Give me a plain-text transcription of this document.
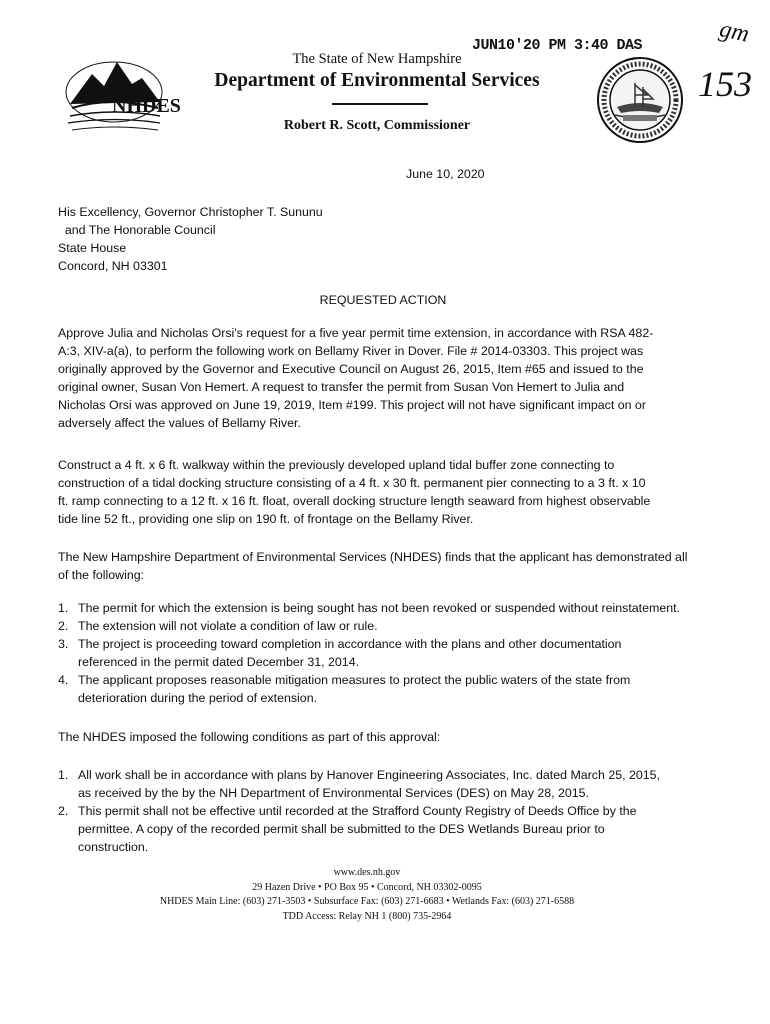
JUN10'20 PM 3:40 DAS
NHDES
gm
153
The State of New Hampshire
Department of Environmental Services
Robert R. Scott, Commissioner
June 10, 2020
His Excellency, Governor Christopher T. Sununu
and The Honorable Council
State House
Concord, NH 03301
REQUESTED ACTION
Approve Julia and Nicholas Orsi's request for a five year permit time extension, in accordance with RSA 482-
A:3, XIV-a(a), to perform the following work on Bellamy River in Dover. File # 2014-03303. This project was
originally approved by the Governor and Executive Council on August 26, 2015, Item #65 and issued to the
original owner, Susan Von Hemert. A request to transfer the permit from Susan Von Hemert to Julia and
Nicholas Orsi was approved on June 19, 2019, Item #199. This project will not have significant impact on or
adversely affect the values of Bellamy River.
Construct a 4 ft. x 6 ft. walkway within the previously developed upland tidal buffer zone connecting to
construction of a tidal docking structure consisting of a 4 ft. x 30 ft. permanent pier connecting to a 3 ft. x 10
ft. ramp connecting to a 12 ft. x 16 ft. float, overall docking structure length seaward from highest observable
tide line 52 ft., providing one slip on 190 ft. of frontage on the Bellamy River.
The New Hampshire Department of Environmental Services (NHDES) finds that the applicant has demonstrated all
of the following:
1. The permit for which the extension is being sought has not been revoked or suspended without reinstatement.
2. The extension will not violate a condition of law or rule.
3. The project is proceeding toward completion in accordance with the plans and other documentation
referenced in the permit dated December 31, 2014.
4. The applicant proposes reasonable mitigation measures to protect the public waters of the state from
deterioration during the period of extension.
The NHDES imposed the following conditions as part of this approval:
1. All work shall be in accordance with plans by Hanover Engineering Associates, Inc. dated March 25, 2015,
as received by the by the NH Department of Environmental Services (DES) on May 28, 2015.
2. This permit shall not be effective until recorded at the Strafford County Registry of Deeds Office by the
permittee. A copy of the recorded permit shall be submitted to the DES Wetlands Bureau prior to
construction.
www.des.nh.gov
29 Hazen Drive • PO Box 95 • Concord, NH 03302-0095
NHDES Main Line: (603) 271-3503 • Subsurface Fax: (603) 271-6683 • Wetlands Fax: (603) 271-6588
TDD Access: Relay NH 1 (800) 735-2964
